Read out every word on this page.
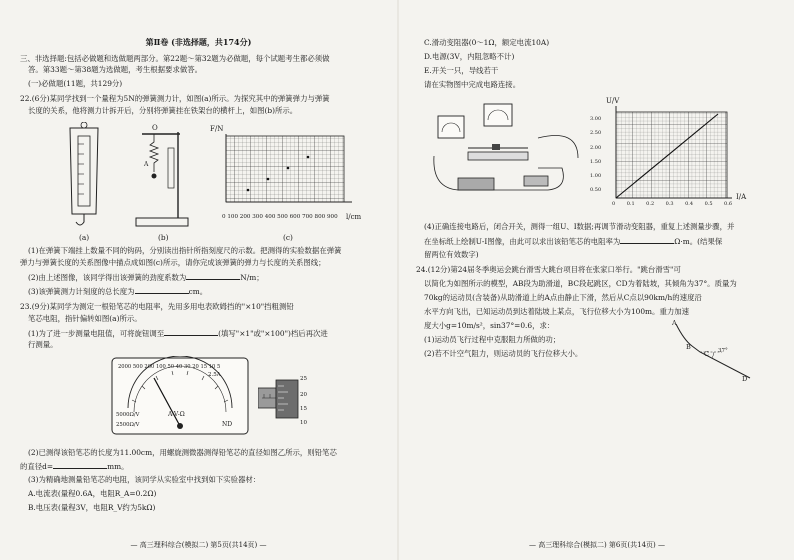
第Ⅱ卷 (非选择题，共174分)
三、非选择题:包括必做题和选做题两部分。第22题～第32题为必做题，每个试题考生都必须做
答。第33题～第38题为选做题，考生根据要求做答。
(一)必做题(11题，共129分)
22.(6分)某同学找到一个量程为5N的弹簧测力计，如图(a)所示。为探究其中的弹簧弹力与弹簧
长度的关系，他将测力计拆开后，分别将弹簧挂在铁架台的横杆上，如图(b)所示。
(a)
O
A
(b)
F/N
0 100 200 300 400 500 600 700 800 900 l/cm
(c)
(1)在弹簧下端挂上数量不同的钩码，分别读出指针所指刻度尺的示数。把测得的实验数据在弹簧
弹力与弹簧长度的关系图像中描点成如图(c)所示，请你完成该弹簧的弹力与长度的关系图线；
(2)由上述图像，该同学得出该弹簧的劲度系数为	N/m；
(3)该弹簧测力计刻度的总长度为	cm。
23.(9分)某同学为测定一根铅笔芯的电阻率，先用多用电表欧姆挡的"×10"挡粗测铅
笔芯电阻，指针偏转如图(a)所示。
(1)为了进一步测量电阻值，可将旋钮调至	(填写"×1"或"×100")档后再次进
行测量。
2000 500 200 100 50 40 30 20 15 10 5
2.5A
A-V-Ω
5000Ω/V
2500Ω/V	ND
25
20
15
10
(2)已测得该铅笔芯的长度为11.00cm，用螺旋测微器测得铅笔芯的直径如图乙所示，则铅笔芯
的直径d=	mm。
(3)为精确地测量铅笔芯的电阻，该同学从实验室中找到如下实验器材：
A.电流表(量程0.6A，电阻R_A=0.2Ω)
B.电压表(量程3V，电阻R_V约为5kΩ)
— 高三理科综合(模拟二) 第5页(共14页) —
C.滑动变阻器(0～1Ω，额定电流10A)
D.电源(3V，内阻忽略不计)
E.开关一只，导线若干
请在实物图中完成电路连接。
U/V
3.00
2.50
2.00
1.50
1.00
0.50
0 0.1 0.2 0.3 0.4 0.5 0.6
I/A
(4)正确连接电路后，闭合开关，测得一组U、I数据;再调节滑动变阻器，重复上述测量步骤，并
在坐标纸上绘制U-I图像，由此可以求出该铅笔芯的电阻率为	Ω·m。(结果保
留两位有效数字)
24.(12分)第24届冬季奥运会跳台滑雪大跳台项目将在张家口举行。"跳台滑雪"可
以简化为如图所示的模型，AB段为助滑道，BC段起跳区，CD为着陆坡，其倾角为37°。质量为
70kg的运动员(含装备)从助滑道上的A点由静止下滑，然后从C点以90km/h的速度沿
水平方向飞出，已知运动员到达着陆坡上某点，飞行位移大小为100m。重力加速
度大小g=10m/s²，sin37°=0.6，求：
(1)运动员飞行过程中克服阻力所做的功；
(2)若不计空气阻力，则运动员的飞行位移大小。
A
B
C 37°
D
— 高三理科综合(模拟二) 第6页(共14页) —
